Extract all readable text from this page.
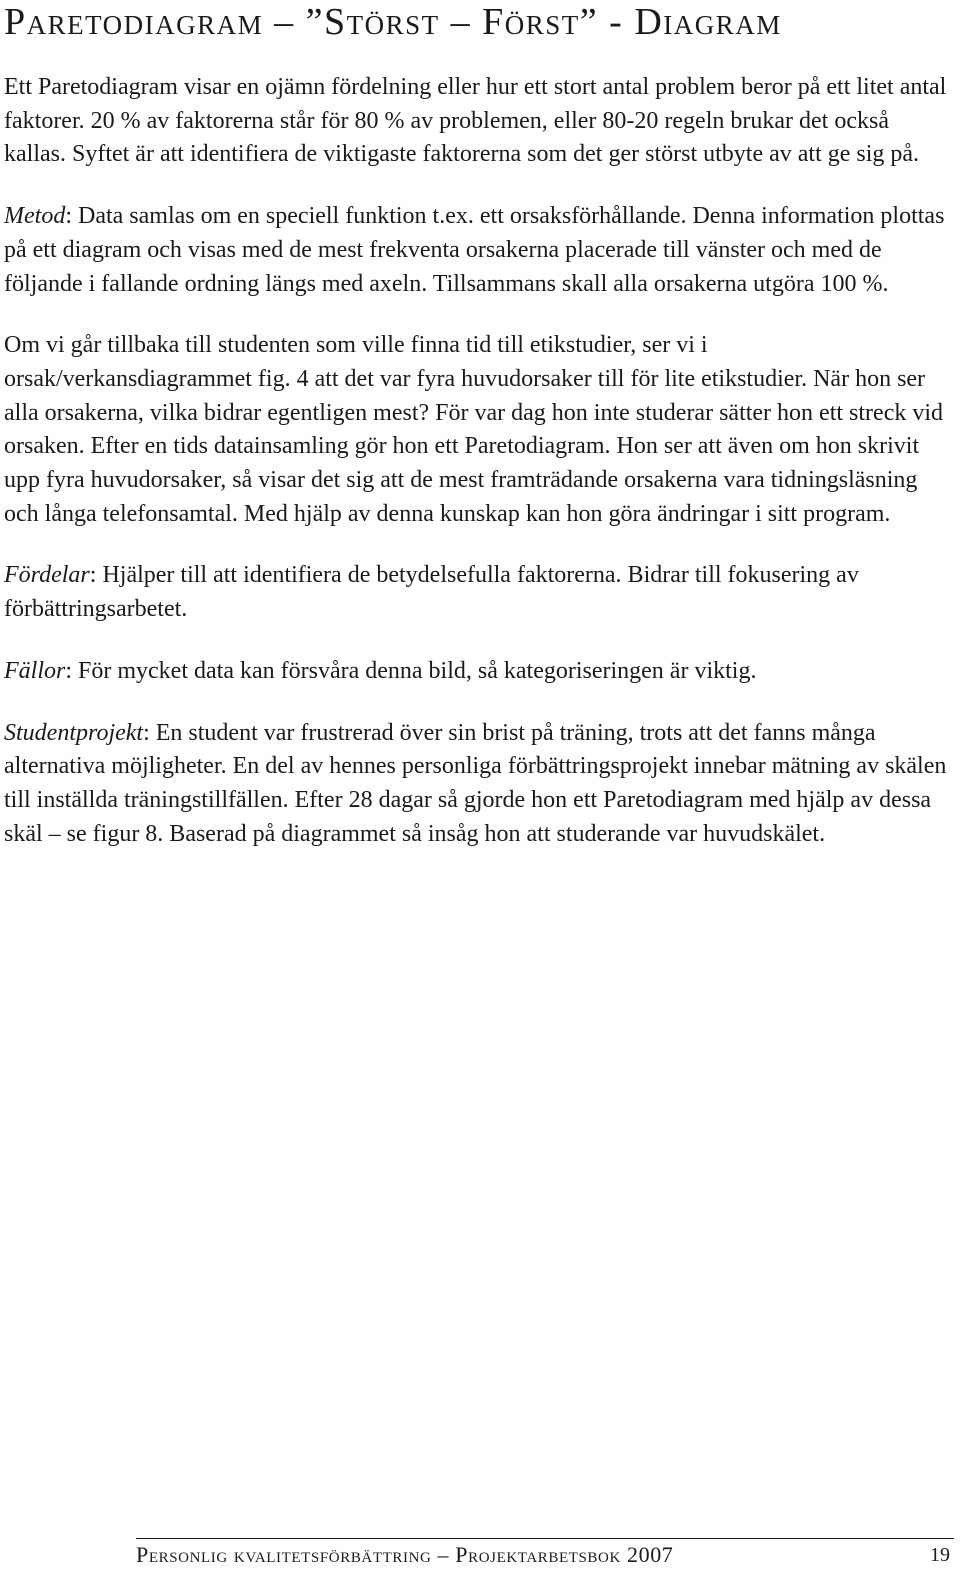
Paretodiagram – ”Störst – Först” - Diagram

Ett Paretodiagram visar en ojämn fördelning eller hur ett stort antal problem beror på ett litet antal faktorer. 20 % av faktorerna står för 80 % av problemen, eller 80-20 regeln brukar det också kallas. Syftet är att identifiera de viktigaste faktorerna som det ger störst utbyte av att ge sig på.

Metod: Data samlas om en speciell funktion t.ex. ett orsaksförhållande. Denna information plottas på ett diagram och visas med de mest frekventa orsakerna placerade till vänster och med de följande i fallande ordning längs med axeln. Tillsammans skall alla orsakerna utgöra 100 %.

Om vi går tillbaka till studenten som ville finna tid till etikstudier, ser vi i orsak/verkansdiagrammet fig. 4 att det var fyra huvudorsaker till för lite etikstudier. När hon ser alla orsakerna, vilka bidrar egentligen mest? För var dag hon inte studerar sätter hon ett streck vid orsaken. Efter en tids datainsamling gör hon ett Paretodiagram. Hon ser att även om hon skrivit upp fyra huvudorsaker, så visar det sig att de mest framträdande orsakerna vara tidningsläsning och långa telefonsamtal. Med hjälp av denna kunskap kan hon göra ändringar i sitt program.

Fördelar: Hjälper till att identifiera de betydelsefulla faktorerna. Bidrar till fokusering av förbättringsarbetet.

Fällor: För mycket data kan försvåra denna bild, så kategoriseringen är viktig.

Studentprojekt: En student var frustrerad över sin brist på träning, trots att det fanns många alternativa möjligheter. En del av hennes personliga förbättringsprojekt innebar mätning av skälen till inställda träningstillfällen. Efter 28 dagar så gjorde hon ett Paretodiagram med hjälp av dessa skäl – se figur 8. Baserad på diagrammet så insåg hon att studerande var huvudskälet.

Personlig kvalitetsförbättring – Projektarbetsbok 2007	19
